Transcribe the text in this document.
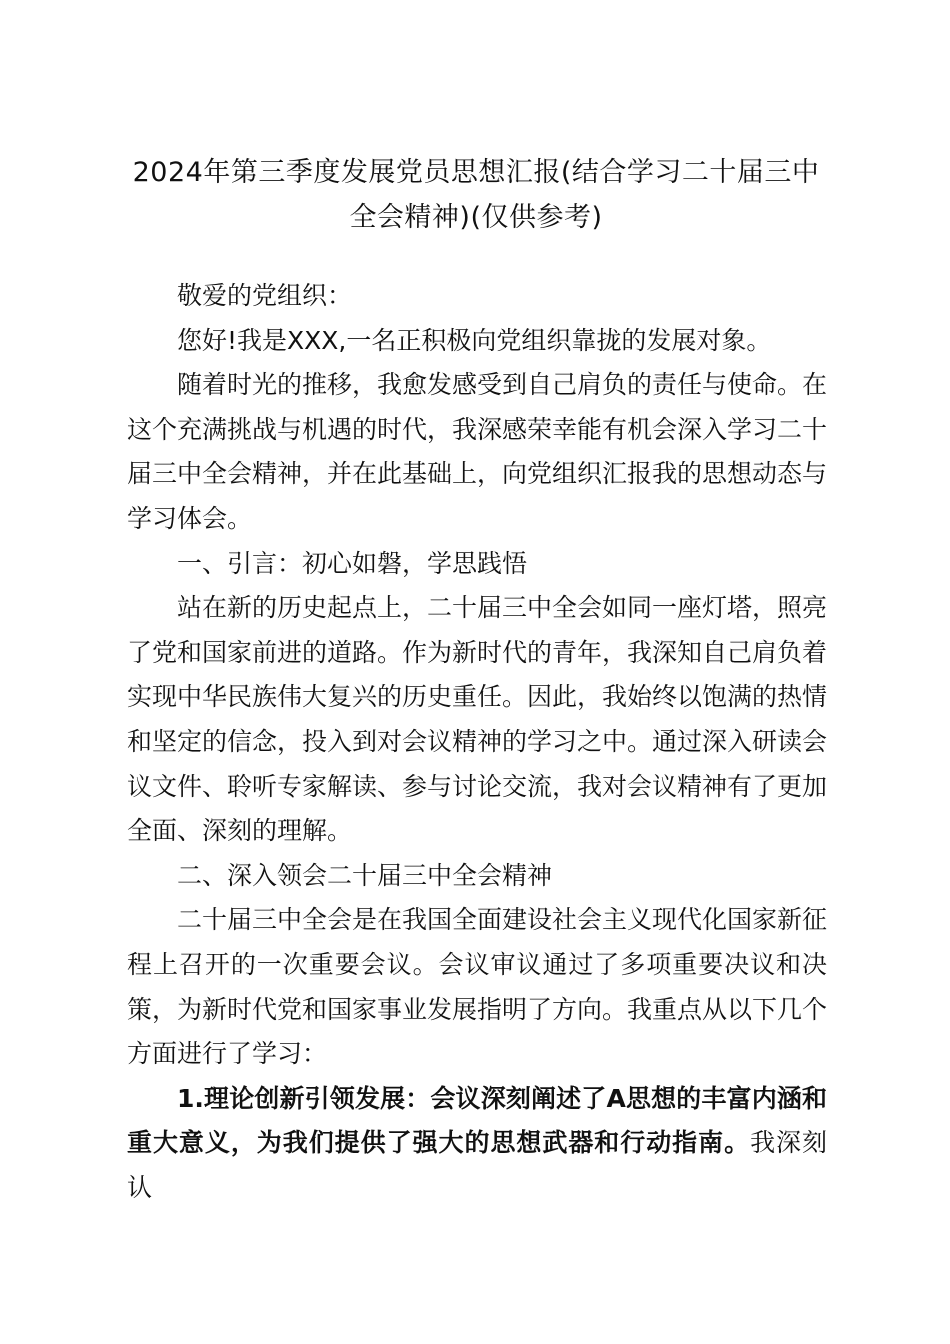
2024年第三季度发展党员思想汇报(结合学习二十届三中全会精神)(仅供参考)

敬爱的党组织：

您好!我是XXX,一名正积极向党组织靠拢的发展对象。

随着时光的推移，我愈发感受到自己肩负的责任与使命。在这个充满挑战与机遇的时代，我深感荣幸能有机会深入学习二十届三中全会精神，并在此基础上，向党组织汇报我的思想动态与学习体会。

一、引言：初心如磐，学思践悟

站在新的历史起点上，二十届三中全会如同一座灯塔，照亮了党和国家前进的道路。作为新时代的青年，我深知自己肩负着实现中华民族伟大复兴的历史重任。因此，我始终以饱满的热情和坚定的信念，投入到对会议精神的学习之中。通过深入研读会议文件、聆听专家解读、参与讨论交流，我对会议精神有了更加全面、深刻的理解。

二、深入领会二十届三中全会精神

二十届三中全会是在我国全面建设社会主义现代化国家新征程上召开的一次重要会议。会议审议通过了多项重要决议和决策，为新时代党和国家事业发展指明了方向。我重点从以下几个方面进行了学习：

1.理论创新引领发展：会议深刻阐述了A思想的丰富内涵和重大意义，为我们提供了强大的思想武器和行动指南。我深刻认
